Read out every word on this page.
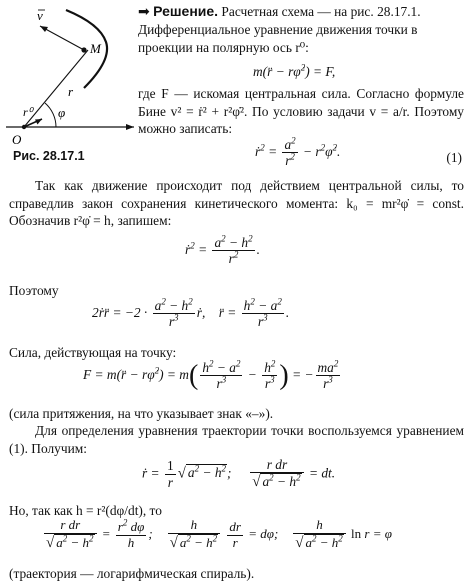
v
M
r
r⁰ φ
O
Рис. 28.17.1
➡ Решение. Расчетная схема — на рис. 28.17.1.
Дифференциальное уравнение движения точки в
проекции на полярную ось r⁰:
m(r̈ − rφ̇$^2$) = F,
где F — искомая центральная сила. Согласно формуле Бине v² = ṙ² + r²φ̇². По условию задачи v = a/r. Поэтому можно записать:
ṙ$^2$ = $\frac{a^2}{r^2}$ − $r^2\varphi̇^2$.	(1)
Так как движение происходит под действием центральной силы, то справедлив закон сохранения кинетического момента: k₀ = mr²φ̇ = const. Обозначив r²φ̇ = h, запишем:
ṙ$^2$ = $\frac{a^2 - h^2}{r^2}$ .
Поэтому
2ṙr̈ = $-2 \cdot \frac{a^2 - h^2}{r^3}$ ṙ,    r̈ = $\frac{h^2 - a^2}{r^3}$ .
Сила, действующая на точку:
F = m(r̈ − rφ̇$^2$) = $m( \frac{h^2 - a^2}{r^3} - \frac{h^2}{r^3}$ ) = − $\frac{ma^2}{r^3}$
(сила притяжения, на что указывает знак «–»).
Для определения уравнения траектории точки воспользуемся уравнением (1). Получим:
ṙ = $\frac{1}{r}$ √ $a^2 - h^2$; $\frac{\text{r dr}}{√ a^2 - h^2}$ = dt.
Но, так как h = r²(dφ/dt), то
$\frac{\text{r dr}}{√ a^2 - h^2} = \frac{r^2 d\varphi}{h}$ ; $\frac{h}{√ a^2 - h^2}$
$\frac{dr}{r} = d\varphi$; $\frac{h}{√ a^2 - h^2}$ ln r = φ
(траектория — логарифмическая спираль).
